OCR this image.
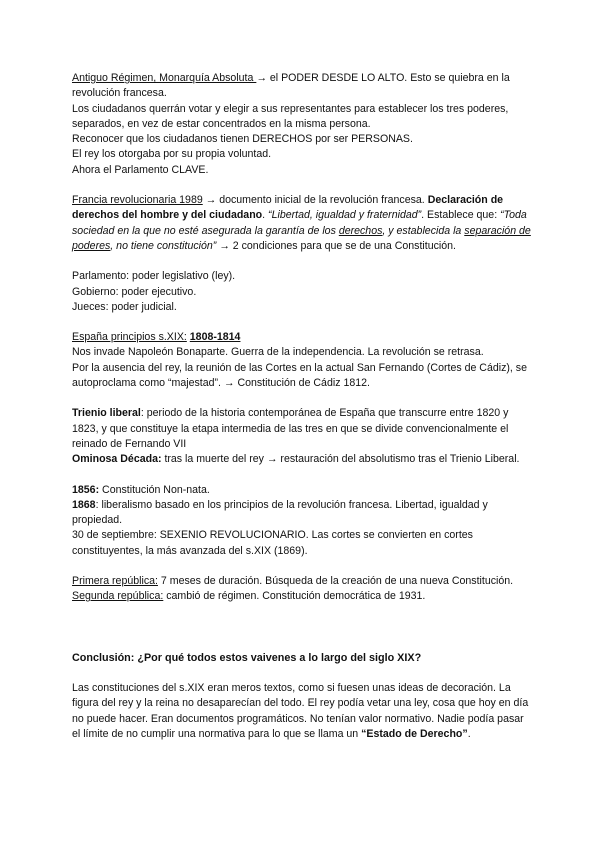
Antiguo Régimen, Monarquía Absoluta → el PODER DESDE LO ALTO. Esto se quiebra en la revolución francesa.

Los ciudadanos querrán votar y elegir a sus representantes para establecer los tres poderes, separados, en vez de estar concentrados en la misma persona.

Reconocer que los ciudadanos tienen DERECHOS por ser PERSONAS.

El rey los otorgaba por su propia voluntad.

Ahora el Parlamento CLAVE.

Francia revolucionaria 1989 → documento inicial de la revolución francesa. Declaración de derechos del hombre y del ciudadano. “Libertad, igualdad y fraternidad”. Establece que: “Toda sociedad en la que no esté asegurada la garantía de los derechos, y establecida la separación de poderes, no tiene constitución” → 2 condiciones para que se de una Constitución.

Parlamento: poder legislativo (ley).

Gobierno: poder ejecutivo.

Jueces: poder judicial.

España principios s.XIX: 1808-1814

Nos invade Napoleón Bonaparte. Guerra de la independencia. La revolución se retrasa.

Por la ausencia del rey, la reunión de las Cortes en la actual San Fernando (Cortes de Cádiz), se autoproclama como “majestad”. → Constitución de Cádiz 1812.

Trienio liberal: periodo de la historia contemporánea de España que transcurre entre 1820 y 1823, y que constituye la etapa intermedia de las tres en que se divide convencionalmente el reinado de Fernando VII

Ominosa Década: tras la muerte del rey → restauración del absolutismo tras el Trienio Liberal.

1856: Constitución Non-nata.

1868: liberalismo basado en los principios de la revolución francesa. Libertad, igualdad y propiedad.

30 de septiembre: SEXENIO REVOLUCIONARIO. Las cortes se convierten en cortes constituyentes, la más avanzada del s.XIX (1869).

Primera república: 7 meses de duración. Búsqueda de la creación de una nueva Constitución.

Segunda república: cambió de régimen. Constitución democrática de 1931.

Conclusión: ¿Por qué todos estos vaivenes a lo largo del siglo XIX?

Las constituciones del s.XIX eran meros textos, como si fuesen unas ideas de decoración. La figura del rey y la reina no desaparecían del todo. El rey podía vetar una ley, cosa que hoy en día no puede hacer. Eran documentos programáticos. No tenían valor normativo. Nadie podía pasar el límite de no cumplir una normativa para lo que se llama un “Estado de Derecho”.
